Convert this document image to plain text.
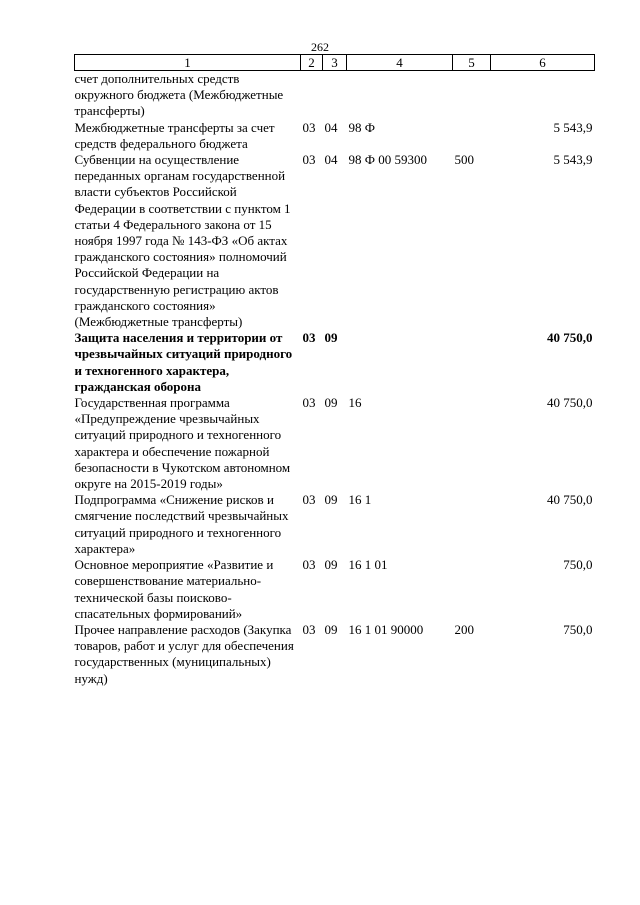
262
1	2	3	4	5	6
счет дополнительных средств окружного бюджета (Межбюджетные трансферты)					
Межбюджетные трансферты за счет средств федерального бюджета	03	04	98 Ф		5 543,9
Субвенции на осуществление переданных органам государственной власти субъектов Российской Федерации в соответствии с пунктом 1 статьи 4 Федерального закона от 15 ноября 1997 года № 143-ФЗ «Об актах гражданского состояния» полномочий Российской Федерации на государственную регистрацию актов гражданского состояния» (Межбюджетные трансферты)	03	04	98 Ф 00 59300	500	5 543,9
Защита населения и территории от чрезвычайных ситуаций природного и техногенного характера, гражданская оборона	03	09			40 750,0
Государственная программа «Предупреждение чрезвычайных ситуаций природного и техногенного характера и обеспечение пожарной безопасности в Чукотском автономном округе на 2015-2019 годы»	03	09	16		40 750,0
Подпрограмма «Снижение рисков и смягчение последствий чрезвычайных ситуаций природного и техногенного характера»	03	09	16 1		40 750,0
Основное мероприятие «Развитие и совершенствование материально-технической базы поисково-спасательных формирований»	03	09	16 1 01		750,0
Прочее направление расходов (Закупка товаров, работ и услуг для обеспечения государственных (муниципальных) нужд)	03	09	16 1 01 90000	200	750,0
